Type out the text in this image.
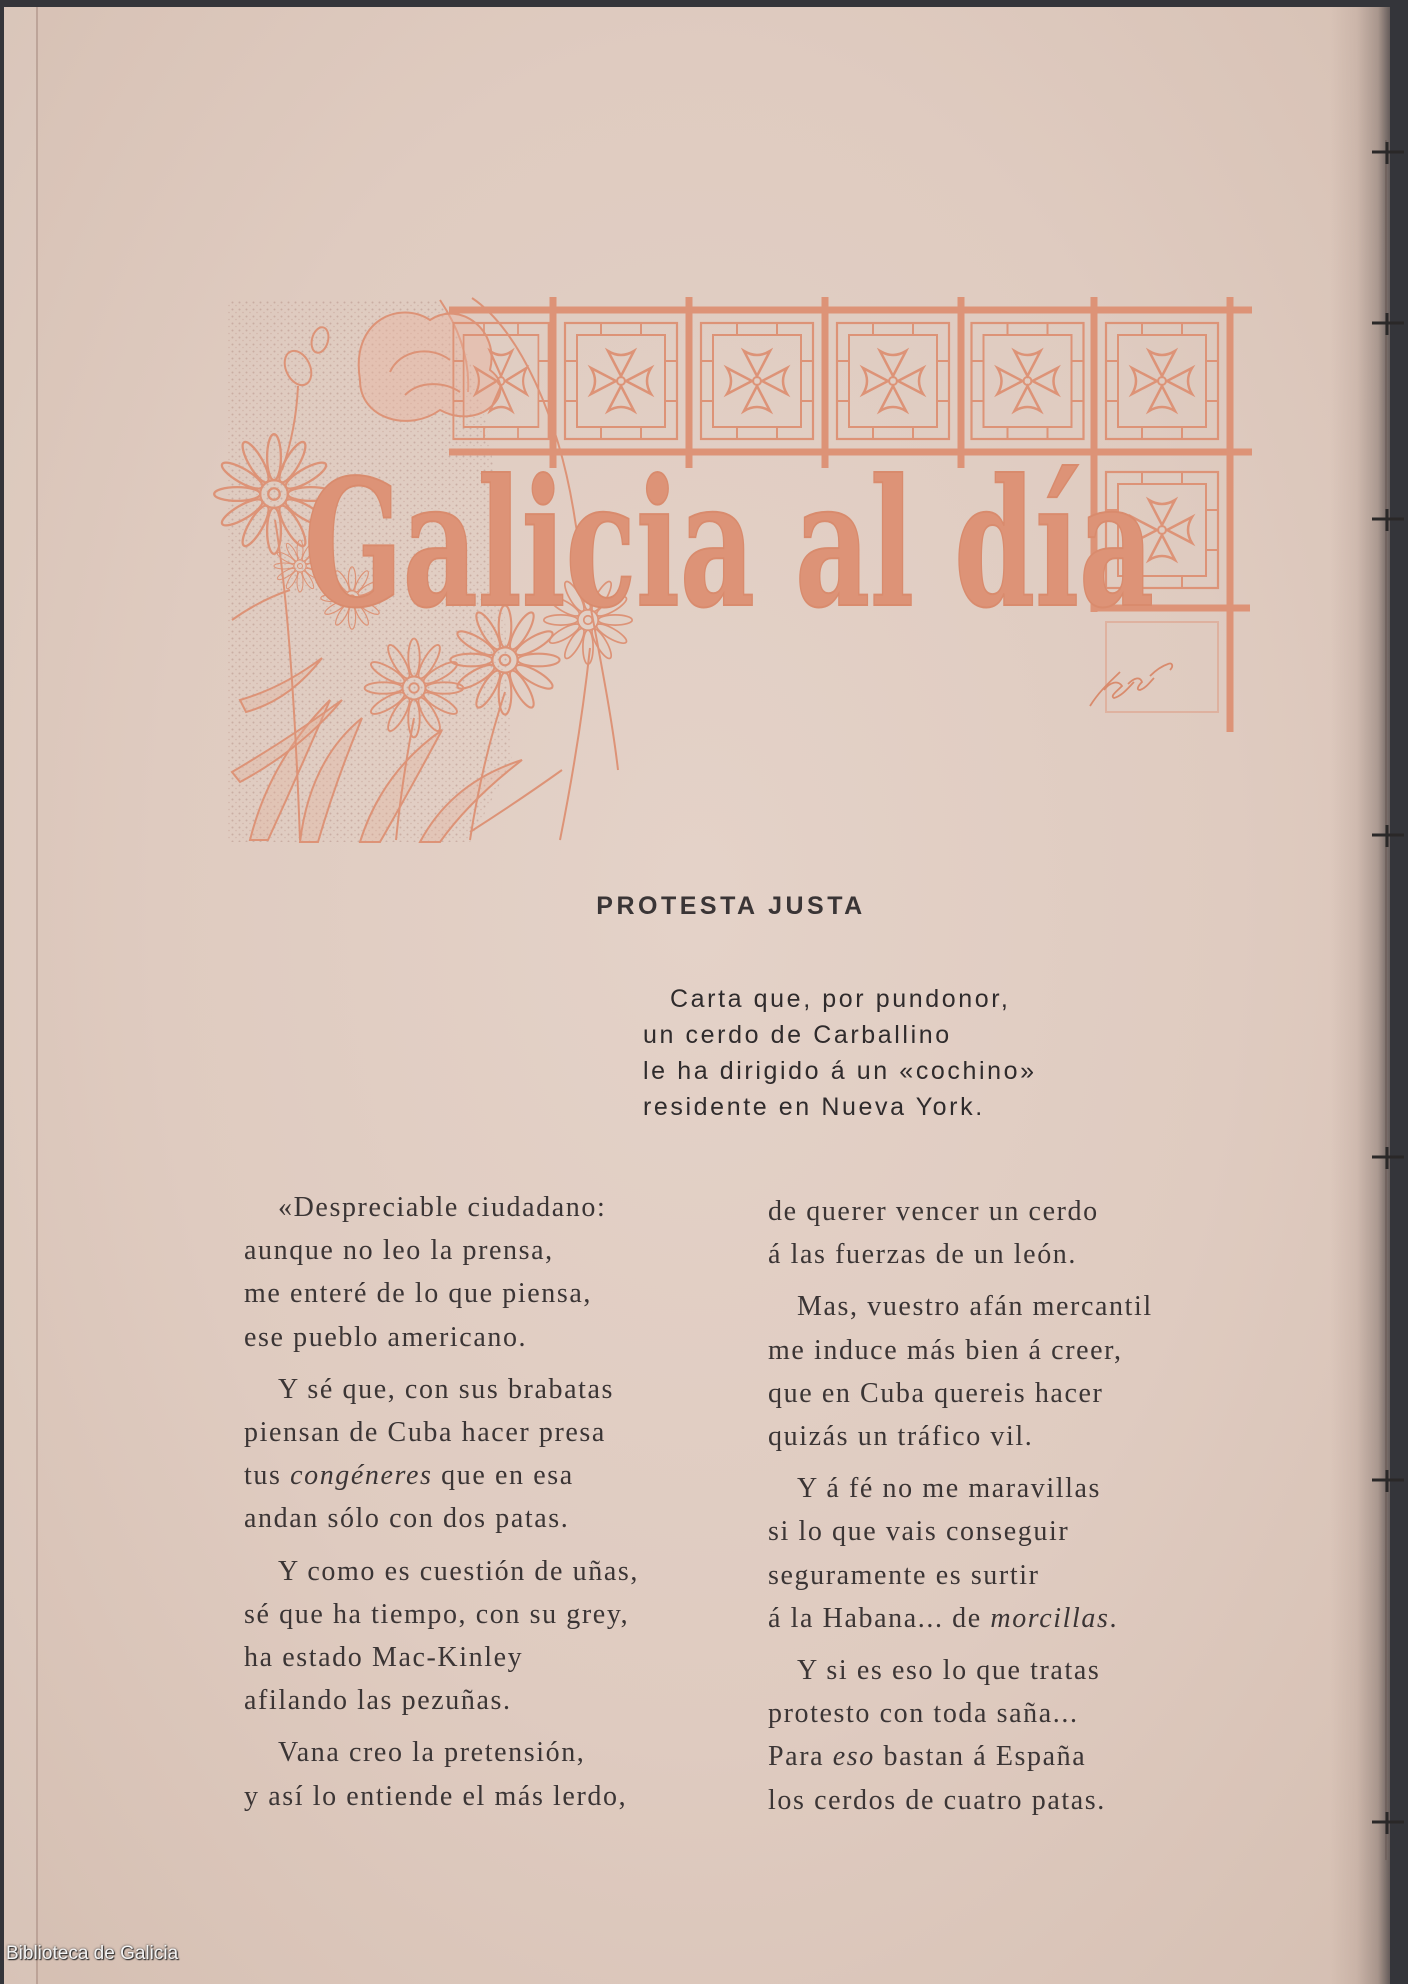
Galicia al día
PROTESTA JUSTA
Carta que, por pundonor,
un cerdo de Carballino
le ha dirigido á un «cochino»
residente en Nueva York.
«Despreciable ciudadano:
aunque no leo la prensa,
me enteré de lo que piensa,
ese pueblo americano.
Y sé que, con sus brabatas
piensan de Cuba hacer presa
tus congéneres que en esa
andan sólo con dos patas.
Y como es cuestión de uñas,
sé que ha tiempo, con su grey,
ha estado Mac-Kinley
afilando las pezuñas.
Vana creo la pretensión,
y así lo entiende el más lerdo,
de querer vencer un cerdo
á las fuerzas de un león.
Mas, vuestro afán mercantil
me induce más bien á creer,
que en Cuba quereis hacer
quizás un tráfico vil.
Y á fé no me maravillas
si lo que vais conseguir
seguramente es surtir
á la Habana... de morcillas.
Y si es eso lo que tratas
protesto con toda saña...
Para eso bastan á España
los cerdos de cuatro patas.
Biblioteca de Galicia
